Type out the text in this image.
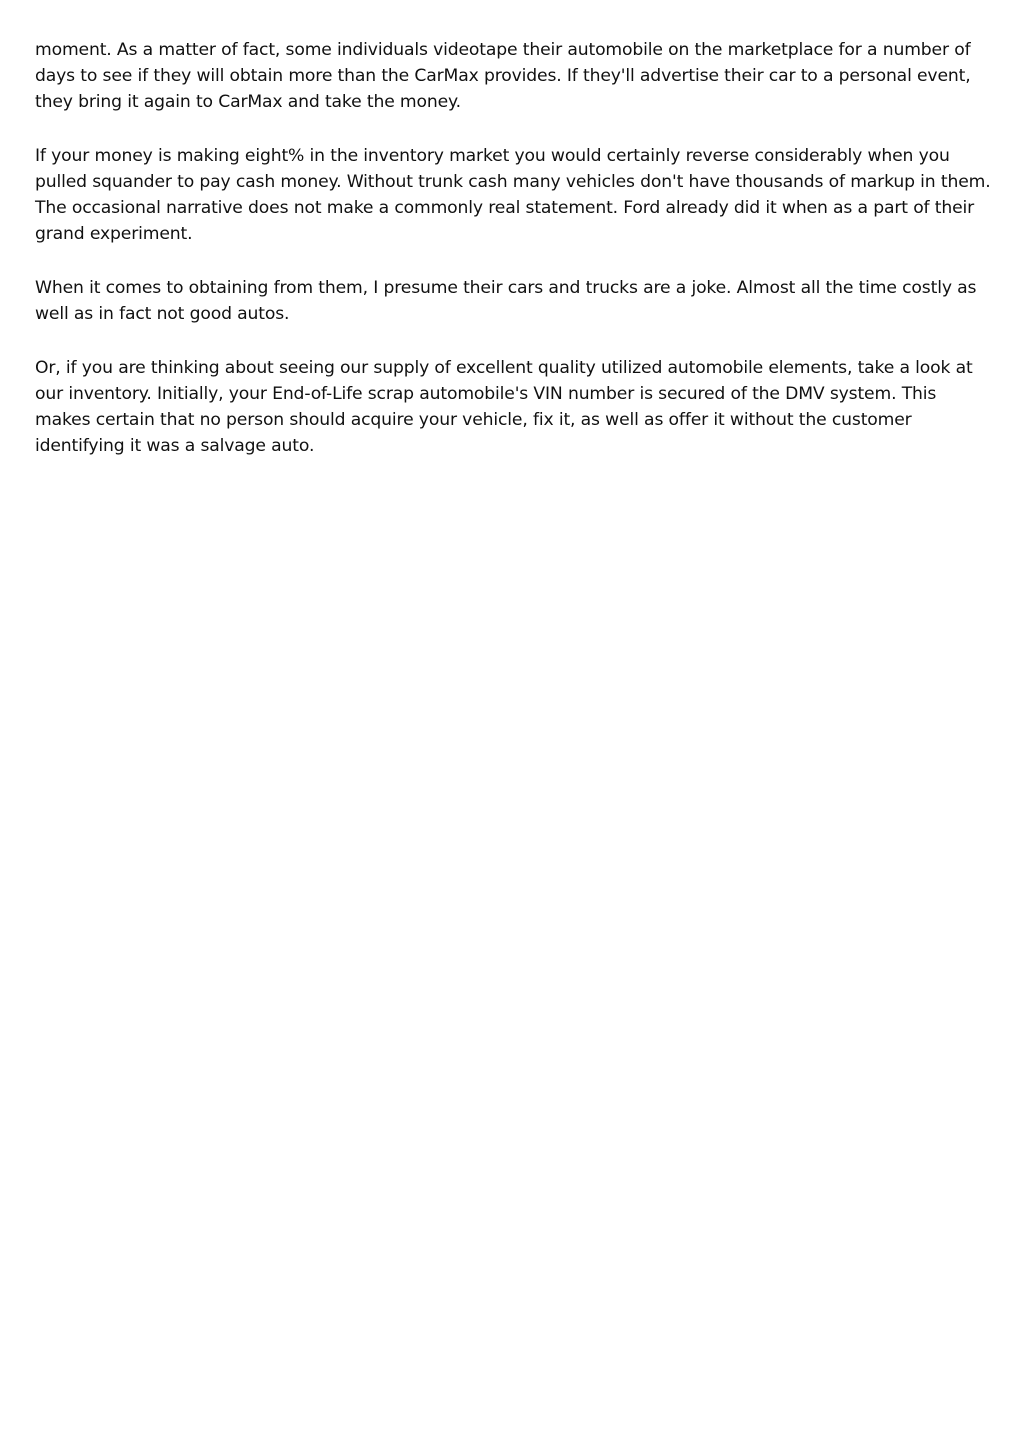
moment. As a matter of fact, some individuals videotape their automobile on the marketplace for a number of days to see if they will obtain more than the CarMax provides. If they'll advertise their car to a personal event, they bring it again to CarMax and take the money.

If your money is making eight% in the inventory market you would certainly reverse considerably when you pulled squander to pay cash money. Without trunk cash many vehicles don't have thousands of markup in them. The occasional narrative does not make a commonly real statement. Ford already did it when as a part of their grand experiment.

When it comes to obtaining from them, I presume their cars and trucks are a joke. Almost all the time costly as well as in fact not good autos.

Or, if you are thinking about seeing our supply of excellent quality utilized automobile elements, take a look at our inventory. Initially, your End-of-Life scrap automobile's VIN number is secured of the DMV system. This makes certain that no person should acquire your vehicle, fix it, as well as offer it without the customer identifying it was a salvage auto.
